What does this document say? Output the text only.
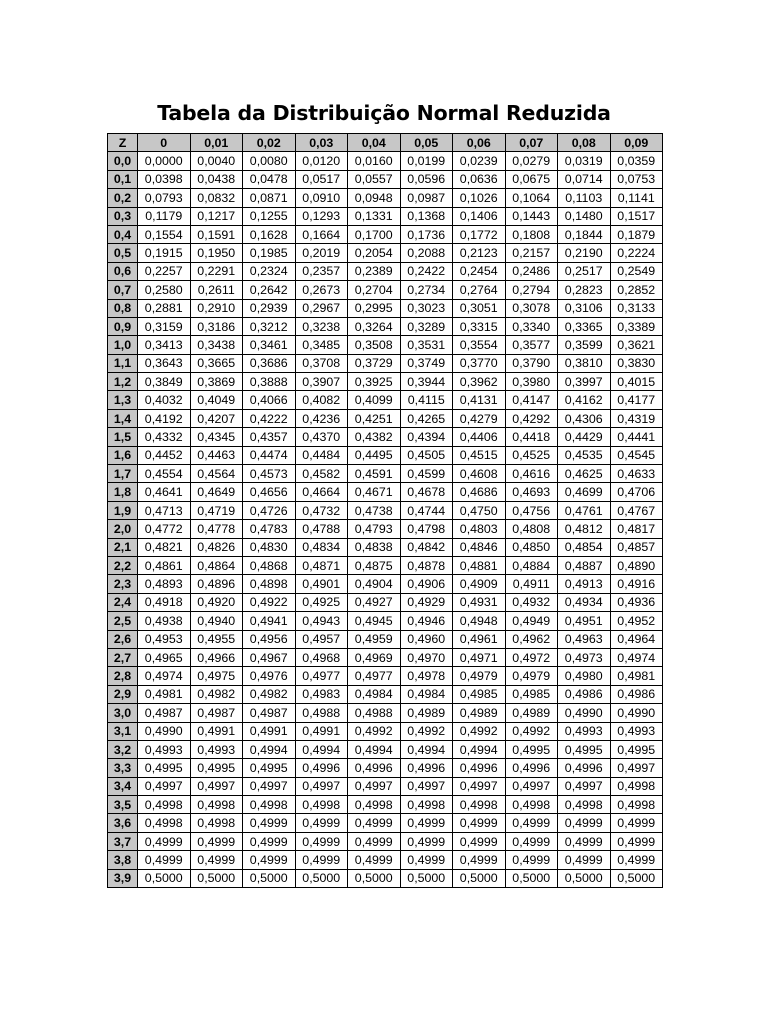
Tabela da Distribuição Normal Reduzida
Z	0	0,01	0,02	0,03	0,04	0,05	0,06	0,07	0,08	0,09
0,0	0,0000	0,0040	0,0080	0,0120	0,0160	0,0199	0,0239	0,0279	0,0319	0,0359
0,1	0,0398	0,0438	0,0478	0,0517	0,0557	0,0596	0,0636	0,0675	0,0714	0,0753
0,2	0,0793	0,0832	0,0871	0,0910	0,0948	0,0987	0,1026	0,1064	0,1103	0,1141
0,3	0,1179	0,1217	0,1255	0,1293	0,1331	0,1368	0,1406	0,1443	0,1480	0,1517
0,4	0,1554	0,1591	0,1628	0,1664	0,1700	0,1736	0,1772	0,1808	0,1844	0,1879
0,5	0,1915	0,1950	0,1985	0,2019	0,2054	0,2088	0,2123	0,2157	0,2190	0,2224
0,6	0,2257	0,2291	0,2324	0,2357	0,2389	0,2422	0,2454	0,2486	0,2517	0,2549
0,7	0,2580	0,2611	0,2642	0,2673	0,2704	0,2734	0,2764	0,2794	0,2823	0,2852
0,8	0,2881	0,2910	0,2939	0,2967	0,2995	0,3023	0,3051	0,3078	0,3106	0,3133
0,9	0,3159	0,3186	0,3212	0,3238	0,3264	0,3289	0,3315	0,3340	0,3365	0,3389
1,0	0,3413	0,3438	0,3461	0,3485	0,3508	0,3531	0,3554	0,3577	0,3599	0,3621
1,1	0,3643	0,3665	0,3686	0,3708	0,3729	0,3749	0,3770	0,3790	0,3810	0,3830
1,2	0,3849	0,3869	0,3888	0,3907	0,3925	0,3944	0,3962	0,3980	0,3997	0,4015
1,3	0,4032	0,4049	0,4066	0,4082	0,4099	0,4115	0,4131	0,4147	0,4162	0,4177
1,4	0,4192	0,4207	0,4222	0,4236	0,4251	0,4265	0,4279	0,4292	0,4306	0,4319
1,5	0,4332	0,4345	0,4357	0,4370	0,4382	0,4394	0,4406	0,4418	0,4429	0,4441
1,6	0,4452	0,4463	0,4474	0,4484	0,4495	0,4505	0,4515	0,4525	0,4535	0,4545
1,7	0,4554	0,4564	0,4573	0,4582	0,4591	0,4599	0,4608	0,4616	0,4625	0,4633
1,8	0,4641	0,4649	0,4656	0,4664	0,4671	0,4678	0,4686	0,4693	0,4699	0,4706
1,9	0,4713	0,4719	0,4726	0,4732	0,4738	0,4744	0,4750	0,4756	0,4761	0,4767
2,0	0,4772	0,4778	0,4783	0,4788	0,4793	0,4798	0,4803	0,4808	0,4812	0,4817
2,1	0,4821	0,4826	0,4830	0,4834	0,4838	0,4842	0,4846	0,4850	0,4854	0,4857
2,2	0,4861	0,4864	0,4868	0,4871	0,4875	0,4878	0,4881	0,4884	0,4887	0,4890
2,3	0,4893	0,4896	0,4898	0,4901	0,4904	0,4906	0,4909	0,4911	0,4913	0,4916
2,4	0,4918	0,4920	0,4922	0,4925	0,4927	0,4929	0,4931	0,4932	0,4934	0,4936
2,5	0,4938	0,4940	0,4941	0,4943	0,4945	0,4946	0,4948	0,4949	0,4951	0,4952
2,6	0,4953	0,4955	0,4956	0,4957	0,4959	0,4960	0,4961	0,4962	0,4963	0,4964
2,7	0,4965	0,4966	0,4967	0,4968	0,4969	0,4970	0,4971	0,4972	0,4973	0,4974
2,8	0,4974	0,4975	0,4976	0,4977	0,4977	0,4978	0,4979	0,4979	0,4980	0,4981
2,9	0,4981	0,4982	0,4982	0,4983	0,4984	0,4984	0,4985	0,4985	0,4986	0,4986
3,0	0,4987	0,4987	0,4987	0,4988	0,4988	0,4989	0,4989	0,4989	0,4990	0,4990
3,1	0,4990	0,4991	0,4991	0,4991	0,4992	0,4992	0,4992	0,4992	0,4993	0,4993
3,2	0,4993	0,4993	0,4994	0,4994	0,4994	0,4994	0,4994	0,4995	0,4995	0,4995
3,3	0,4995	0,4995	0,4995	0,4996	0,4996	0,4996	0,4996	0,4996	0,4996	0,4997
3,4	0,4997	0,4997	0,4997	0,4997	0,4997	0,4997	0,4997	0,4997	0,4997	0,4998
3,5	0,4998	0,4998	0,4998	0,4998	0,4998	0,4998	0,4998	0,4998	0,4998	0,4998
3,6	0,4998	0,4998	0,4999	0,4999	0,4999	0,4999	0,4999	0,4999	0,4999	0,4999
3,7	0,4999	0,4999	0,4999	0,4999	0,4999	0,4999	0,4999	0,4999	0,4999	0,4999
3,8	0,4999	0,4999	0,4999	0,4999	0,4999	0,4999	0,4999	0,4999	0,4999	0,4999
3,9	0,5000	0,5000	0,5000	0,5000	0,5000	0,5000	0,5000	0,5000	0,5000	0,5000
